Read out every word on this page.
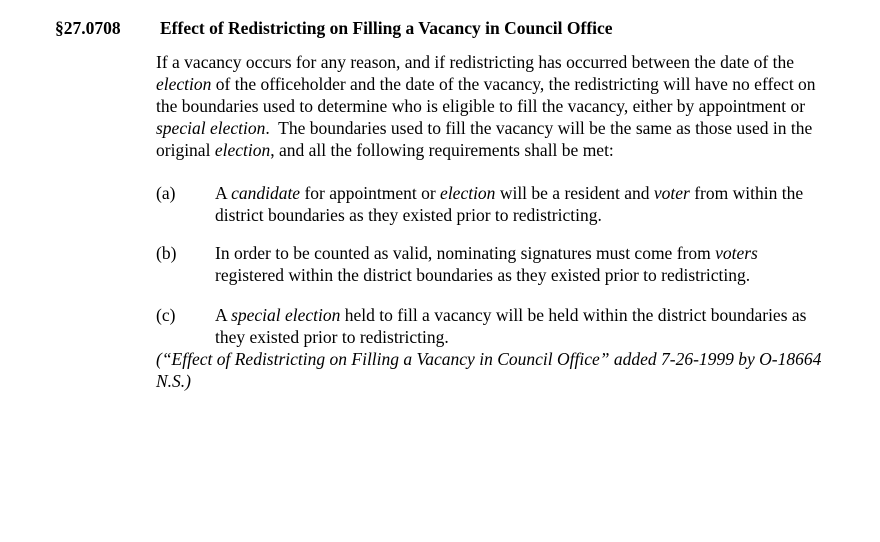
§27.0708	Effect of Redistricting on Filling a Vacancy in Council Office

If a vacancy occurs for any reason, and if redistricting has occurred between the date of the election of the officeholder and the date of the vacancy, the redistricting will have no effect on the boundaries used to determine who is eligible to fill the vacancy, either by appointment or special election.  The boundaries used to fill the vacancy will be the same as those used in the original election, and all the following requirements shall be met:

(a)	A candidate for appointment or election will be a resident and voter from within the district boundaries as they existed prior to redistricting.
(b)	In order to be counted as valid, nominating signatures must come from voters registered within the district boundaries as they existed prior to redistricting.
(c)	A special election held to fill a vacancy will be held within the district boundaries as they existed prior to redistricting.

(“Effect of Redistricting on Filling a Vacancy in Council Office” added 7-26-1999 by O-18664 N.S.)
